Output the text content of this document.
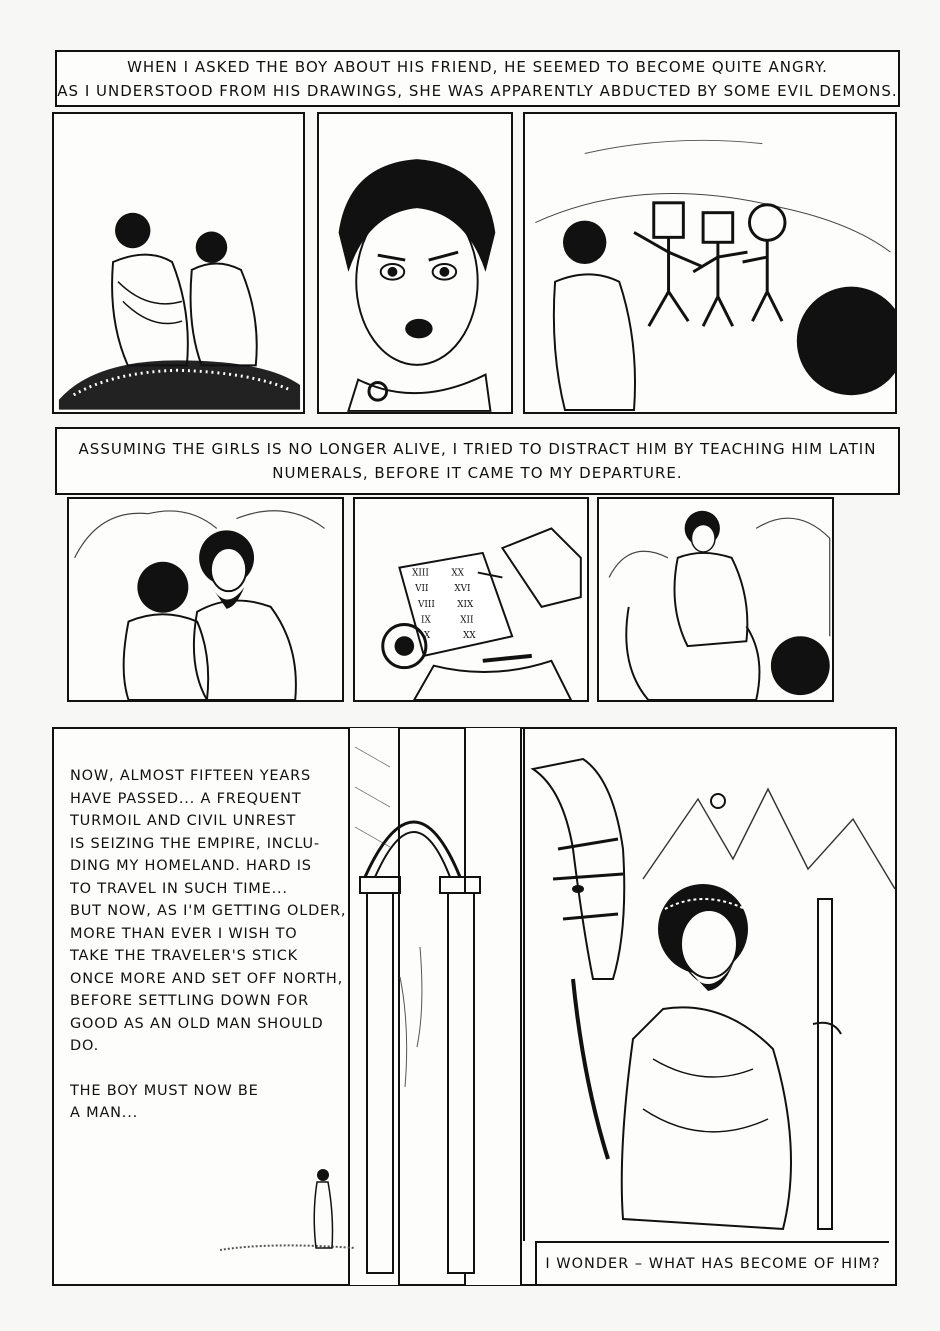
WHEN I ASKED THE BOY ABOUT HIS FRIEND, HE SEEMED TO BECOME QUITE ANGRY.
AS I UNDERSTOOD FROM HIS DRAWINGS, SHE WAS APPARENTLY ABDUCTED BY SOME EVIL DEMONS.
ASSUMING THE GIRLS IS NO LONGER ALIVE, I TRIED TO DISTRACT HIM BY TEACHING HIM LATIN
NUMERALS, BEFORE IT CAME TO MY DEPARTURE.
XIII
VII
VIII
IX
X
XX
XVI
XIX
XII
XX
NOW, ALMOST FIFTEEN YEARS
HAVE PASSED... A FREQUENT
TURMOIL AND CIVIL UNREST
IS SEIZING THE EMPIRE, INCLU-
DING MY HOMELAND. HARD IS
TO TRAVEL IN SUCH TIME...
BUT NOW, AS I'M GETTING OLDER,
MORE THAN EVER I WISH TO
TAKE THE TRAVELER'S STICK
ONCE MORE AND SET OFF NORTH,
BEFORE SETTLING DOWN FOR
GOOD AS AN OLD MAN SHOULD
DO.
THE BOY MUST NOW BE
A MAN...
I WONDER – WHAT HAS BECOME OF HIM?
